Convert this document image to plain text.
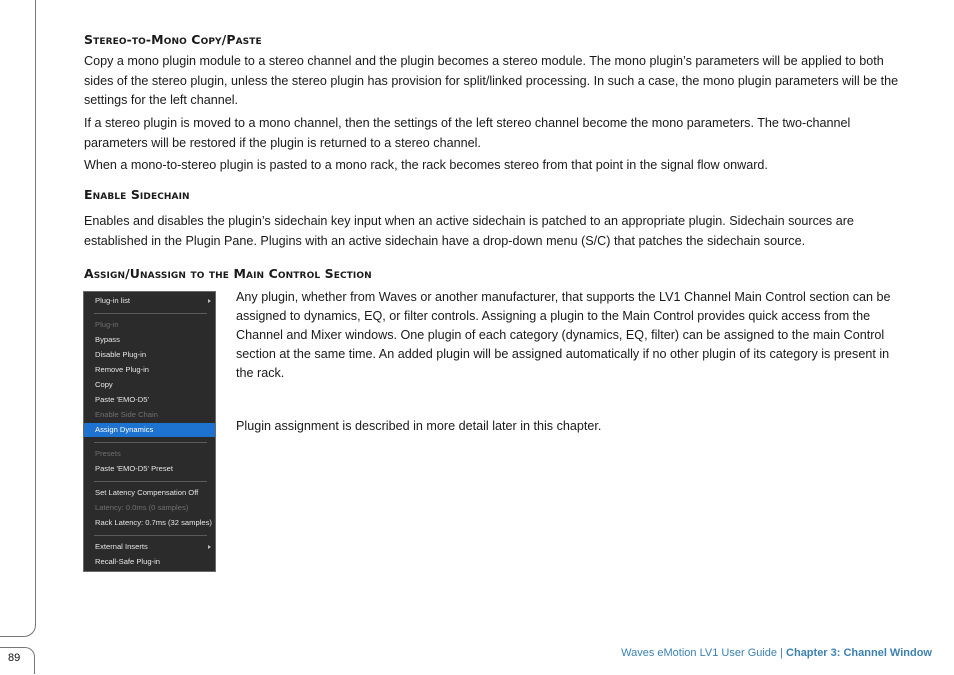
89
Stereo-to-Mono Copy/Paste

Copy a mono plugin module to a stereo channel and the plugin becomes a stereo module. The mono plugin’s parameters will be applied to both sides of the stereo plugin, unless the stereo plugin has provision for split/linked processing. In such a case, the mono plugin parameters will be the settings for the left channel.

If a stereo plugin is moved to a mono channel, then the settings of the left stereo channel become the mono parameters. The two-channel parameters will be restored if the plugin is returned to a stereo channel.

When a mono-to-stereo plugin is pasted to a mono rack, the rack becomes stereo from that point in the signal flow onward.

Enable Sidechain

Enables and disables the plugin’s sidechain key input when an active sidechain is patched to an appropriate plugin. Sidechain sources are established in the Plugin Pane. Plugins with an active sidechain have a drop-down menu (S/C) that patches the sidechain source.

Assign/Unassign to the Main Control Section

Any plugin, whether from Waves or another manufacturer, that supports the LV1 Channel Main Control section can be assigned to dynamics, EQ, or filter controls. Assigning a plugin to the Main Control provides quick access from the Channel and Mixer windows. One plugin of each category (dynamics, EQ, filter) can be assigned to the main Control section at the same time. An added plugin will be assigned automatically if no other plugin of its category is present in the rack.

Plugin assignment is described in more detail later in this chapter.

Plug-in list
Plug-in
Bypass
Disable Plug-in
Remove Plug-in
Copy
Paste 'EMO-D5'
Enable Side Chain
Assign Dynamics
Presets
Paste 'EMO-D5' Preset
Set Latency Compensation Off
Latency: 0.0ms (0 samples)
Rack Latency: 0.7ms (32 samples)
External Inserts
Recall-Safe Plug-in
Waves eMotion LV1 User Guide | Chapter 3: Channel Window
